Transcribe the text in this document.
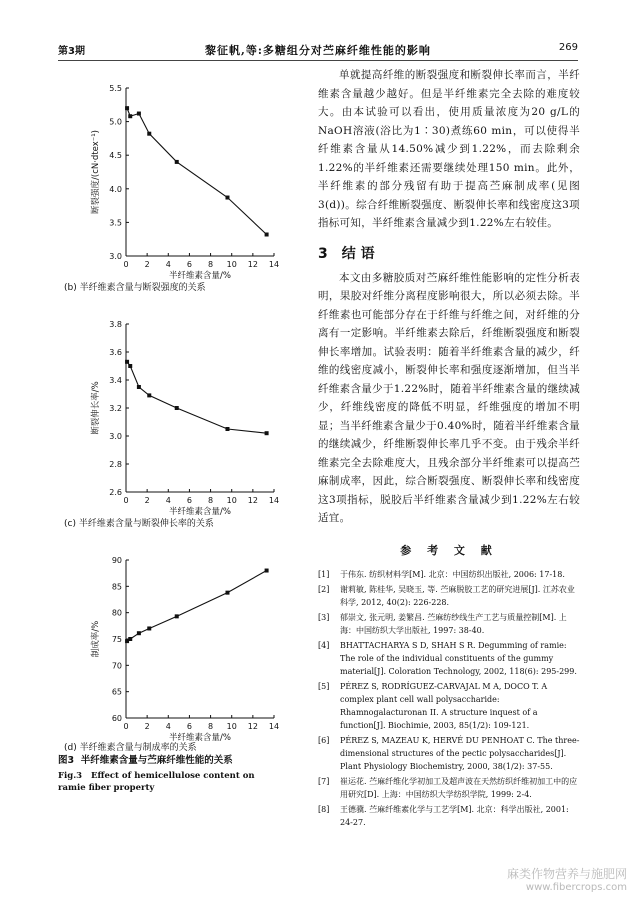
第3期	黎征帆,等:多糖组分对苎麻纤维性能的影响	269
3.0
3.5
4.0
4.5
5.0
5.5
0 2 4 6 8 10 12 14
半纤维素含量/%
断裂强度/(cN·dtex⁻¹)
(b) 半纤维素含量与断裂强度的关系
2.6
2.8
3.0
3.2
3.4
3.6
3.8
0 2 4 6 8 10 12 14
半纤维素含量/%
断裂伸长率/%
(c) 半纤维素含量与断裂伸长率的关系
60
65
70
75
80
85
90
0 2 4 6 8 10 12 14
半纤维素含量/%
制成率/%
(d) 半纤维素含量与制成率的关系
图3 半纤维素含量与苎麻纤维性能的关系
Fig.3 Effect of hemicellulose content on ramie fiber property

单就提高纤维的断裂强度和断裂伸长率而言，半纤维素含量越少越好。但是半纤维素完全去除的难度较大。由本试验可以看出，使用质量浓度为20 g/L的NaOH溶液(浴比为1∶30)煮练60 min，可以使得半纤维素含量从14.50%减少到1.22%，而去除剩余1.22%的半纤维素还需要继续处理150 min。此外，半纤维素的部分残留有助于提高苎麻制成率(见图3(d))。综合纤维断裂强度、断裂伸长率和线密度这3项指标可知，半纤维素含量减少到1.22%左右较佳。

3 结 语

本文由多糖胶质对苎麻纤维性能影响的定性分析表明，果胶对纤维分离程度影响很大，所以必须去除。半纤维素也可能部分存在于纤维与纤维之间，对纤维的分离有一定影响。半纤维素去除后，纤维断裂强度和断裂伸长率增加。试验表明：随着半纤维素含量的减少，纤维的线密度减小，断裂伸长率和强度逐渐增加，但当半纤维素含量少于1.22%时，随着半纤维素含量的继续减少，纤维线密度的降低不明显，纤维强度的增加不明显；当半纤维素含量少于0.40%时，随着半纤维素含量的继续减少，纤维断裂伸长率几乎不变。由于残余半纤维素完全去除难度大，且残余部分半纤维素可以提高苎麻制成率，因此，综合断裂强度、断裂伸长率和线密度这3项指标，脱胶后半纤维素含量减少到1.22%左右较适宜。

参 考 文 献
[1]	于伟东. 纺织材料学[M]. 北京：中国纺织出版社, 2006: 17-18.
[2]	谢莉敏, 陈桂华, 吴晓玉, 等. 苎麻脱胶工艺的研究进展[J]. 江苏农业科学, 2012, 40(2): 226-228.
[3]	郁崇文, 张元明, 姜繁昌. 苎麻纺纱线生产工艺与质量控制[M]. 上海：中国纺织大学出版社, 1997: 38-40.
[4]	BHATTACHARYA S D, SHAH S R. Degumming of ramie: The role of the individual constituents of the gummy material[J]. Coloration Technology, 2002, 118(6): 295-299.
[5]	PÉREZ S, RODRÍGUEZ-CARVAJAL M A, DOCO T. A complex plant cell wall polysaccharide: Rhamnogalacturonan II. A structure inquest of a function[J]. Biochimie, 2003, 85(1/2): 109-121.
[6]	PÉREZ S, MAZEAU K, HERVÉ DU PENHOAT C. The three-dimensional structures of the pectic polysaccharides[J]. Plant Physiology Biochemistry, 2000, 38(1/2): 37-55.
[7]	崔运花. 苎麻纤维化学初加工及超声波在天然纺织纤维初加工中的应用研究[D]. 上海：中国纺织大学纺织学院, 1999: 2-4.
[8]	王德骥. 苎麻纤维素化学与工艺学[M]. 北京：科学出版社, 2001: 24-27.
麻类作物营养与施肥网
www.fibercrops.com
